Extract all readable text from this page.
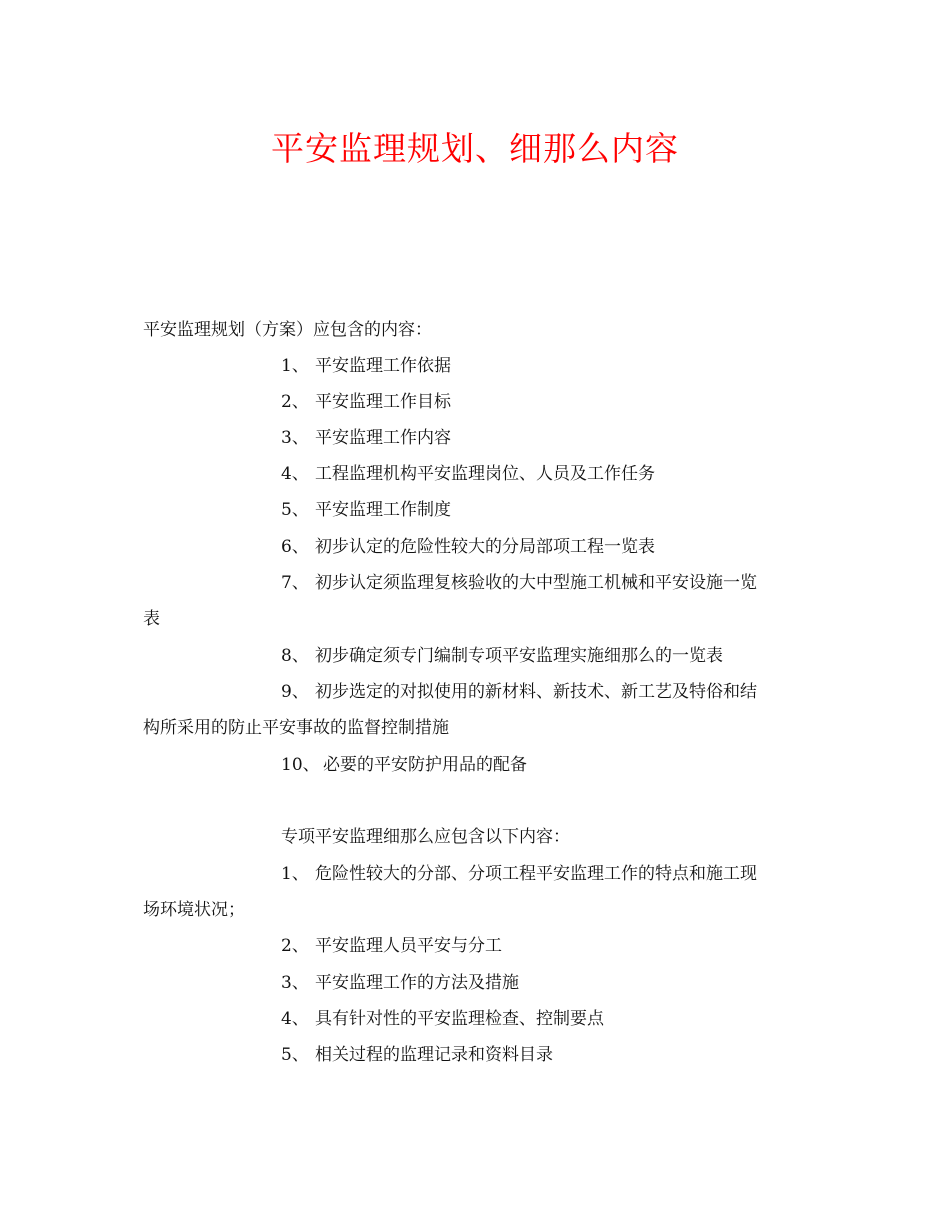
平安监理规划、细那么内容
平安监理规划（方案）应包含的内容：
1、 平安监理工作依据
2、 平安监理工作目标
3、 平安监理工作内容
4、 工程监理机构平安监理岗位、人员及工作任务
5、 平安监理工作制度
6、 初步认定的危险性较大的分局部项工程一览表
7、 初步认定须监理复核验收的大中型施工机械和平安设施一览
表
8、 初步确定须专门编制专项平安监理实施细那么的一览表
9、 初步选定的对拟使用的新材料、新技术、新工艺及特俗和结
构所采用的防止平安事故的监督控制措施
10、 必要的平安防护用品的配备
专项平安监理细那么应包含以下内容：
1、 危险性较大的分部、分项工程平安监理工作的特点和施工现
场环境状况；
2、 平安监理人员平安与分工
3、 平安监理工作的方法及措施
4、 具有针对性的平安监理检查、控制要点
5、 相关过程的监理记录和资料目录
